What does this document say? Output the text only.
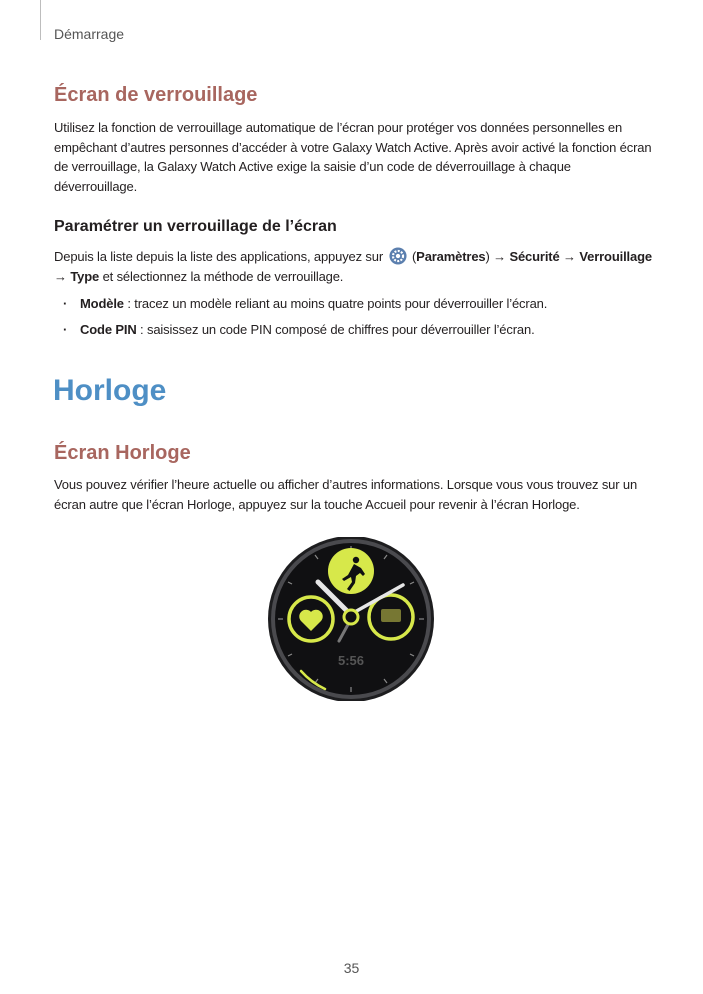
Démarrage
Écran de verrouillage

Utilisez la fonction de verrouillage automatique de l’écran pour protéger vos données personnelles en empêchant d’autres personnes d’accéder à votre Galaxy Watch Active. Après avoir activé la fonction écran de verrouillage, la Galaxy Watch Active exige la saisie d’un code de déverrouillage à chaque déverrouillage.

Paramétrer un verrouillage de l’écran

Depuis la liste depuis la liste des applications, appuyez sur  (Paramètres) → Sécurité → Verrouillage → Type et sélectionnez la méthode de verrouillage.

· Modèle : tracez un modèle reliant au moins quatre points pour déverrouiller l’écran.

· Code PIN : saisissez un code PIN composé de chiffres pour déverrouiller l’écran.

Horloge
Écran Horloge

Vous pouvez vérifier l’heure actuelle ou afficher d’autres informations. Lorsque vous vous trouvez sur un écran autre que l’écran Horloge, appuyez sur la touche Accueil pour revenir à l’écran Horloge.

5:56
35
